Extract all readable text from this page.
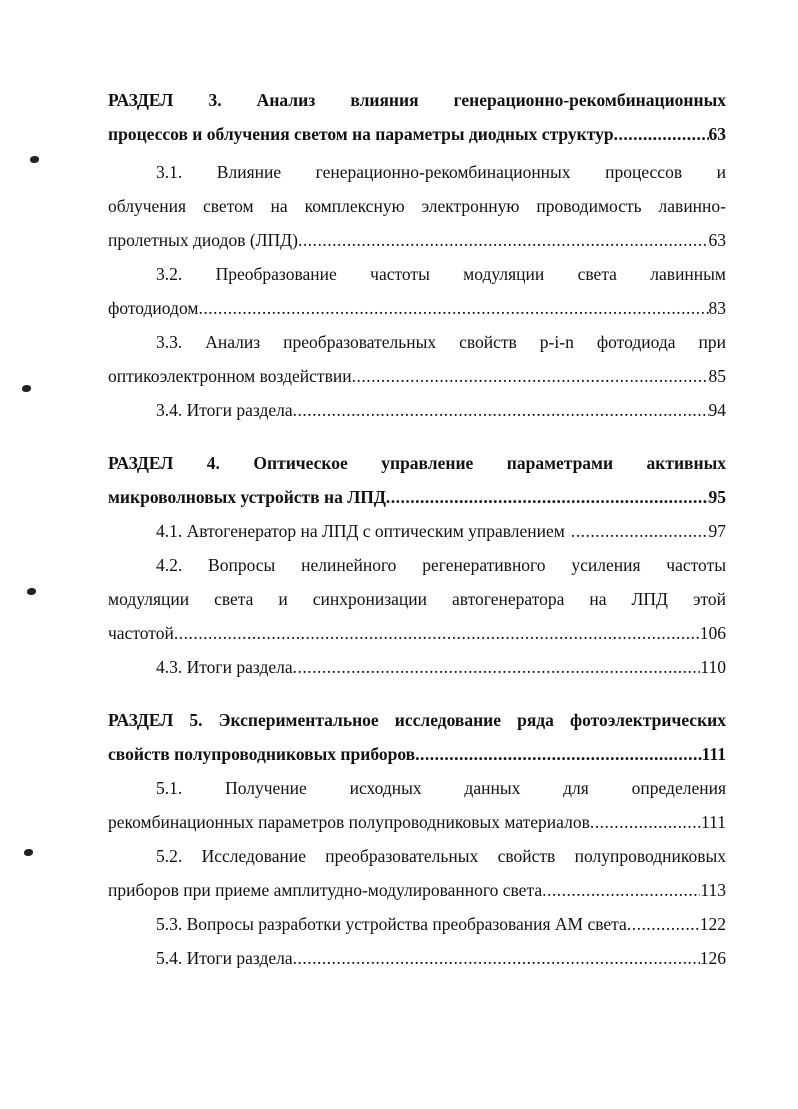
РАЗДЕЛ 3. Анализ влияния генерационно-рекомбинационных
процессов и облучения светом на параметры диодных структур .....	63
3.1. Влияние генерационно-рекомбинационных процессов и
облучения светом на комплексную электронную проводимость лавинно-
пролетных диодов (ЛПД) .....	63
3.2. Преобразование частоты модуляции света лавинным
фотодиодом .....	83
3.3. Анализ преобразовательных свойств p-i-n фотодиода при
оптикоэлектронном воздействии .....	85
3.4. Итоги раздела .....	94
РАЗДЕЛ 4. Оптическое управление параметрами активных
микроволновых устройств на ЛПД .....	95
4.1. Автогенератор на ЛПД с оптическим управлением .....	97
4.2. Вопросы нелинейного регенеративного усиления частоты
модуляции света и синхронизации автогенератора на ЛПД этой
частотой .....	106
4.3. Итоги раздела .....	110
РАЗДЕЛ 5. Экспериментальное исследование ряда фотоэлектрических
свойств полупроводниковых приборов .....	111
5.1. Получение исходных данных для определения
рекомбинационных параметров полупроводниковых материалов .....	111
5.2. Исследование преобразовательных свойств полупроводниковых
приборов при приеме амплитудно-модулированного света .....	113
5.3. Вопросы разработки устройства преобразования АМ света .....	122
5.4. Итоги раздела .....	126
